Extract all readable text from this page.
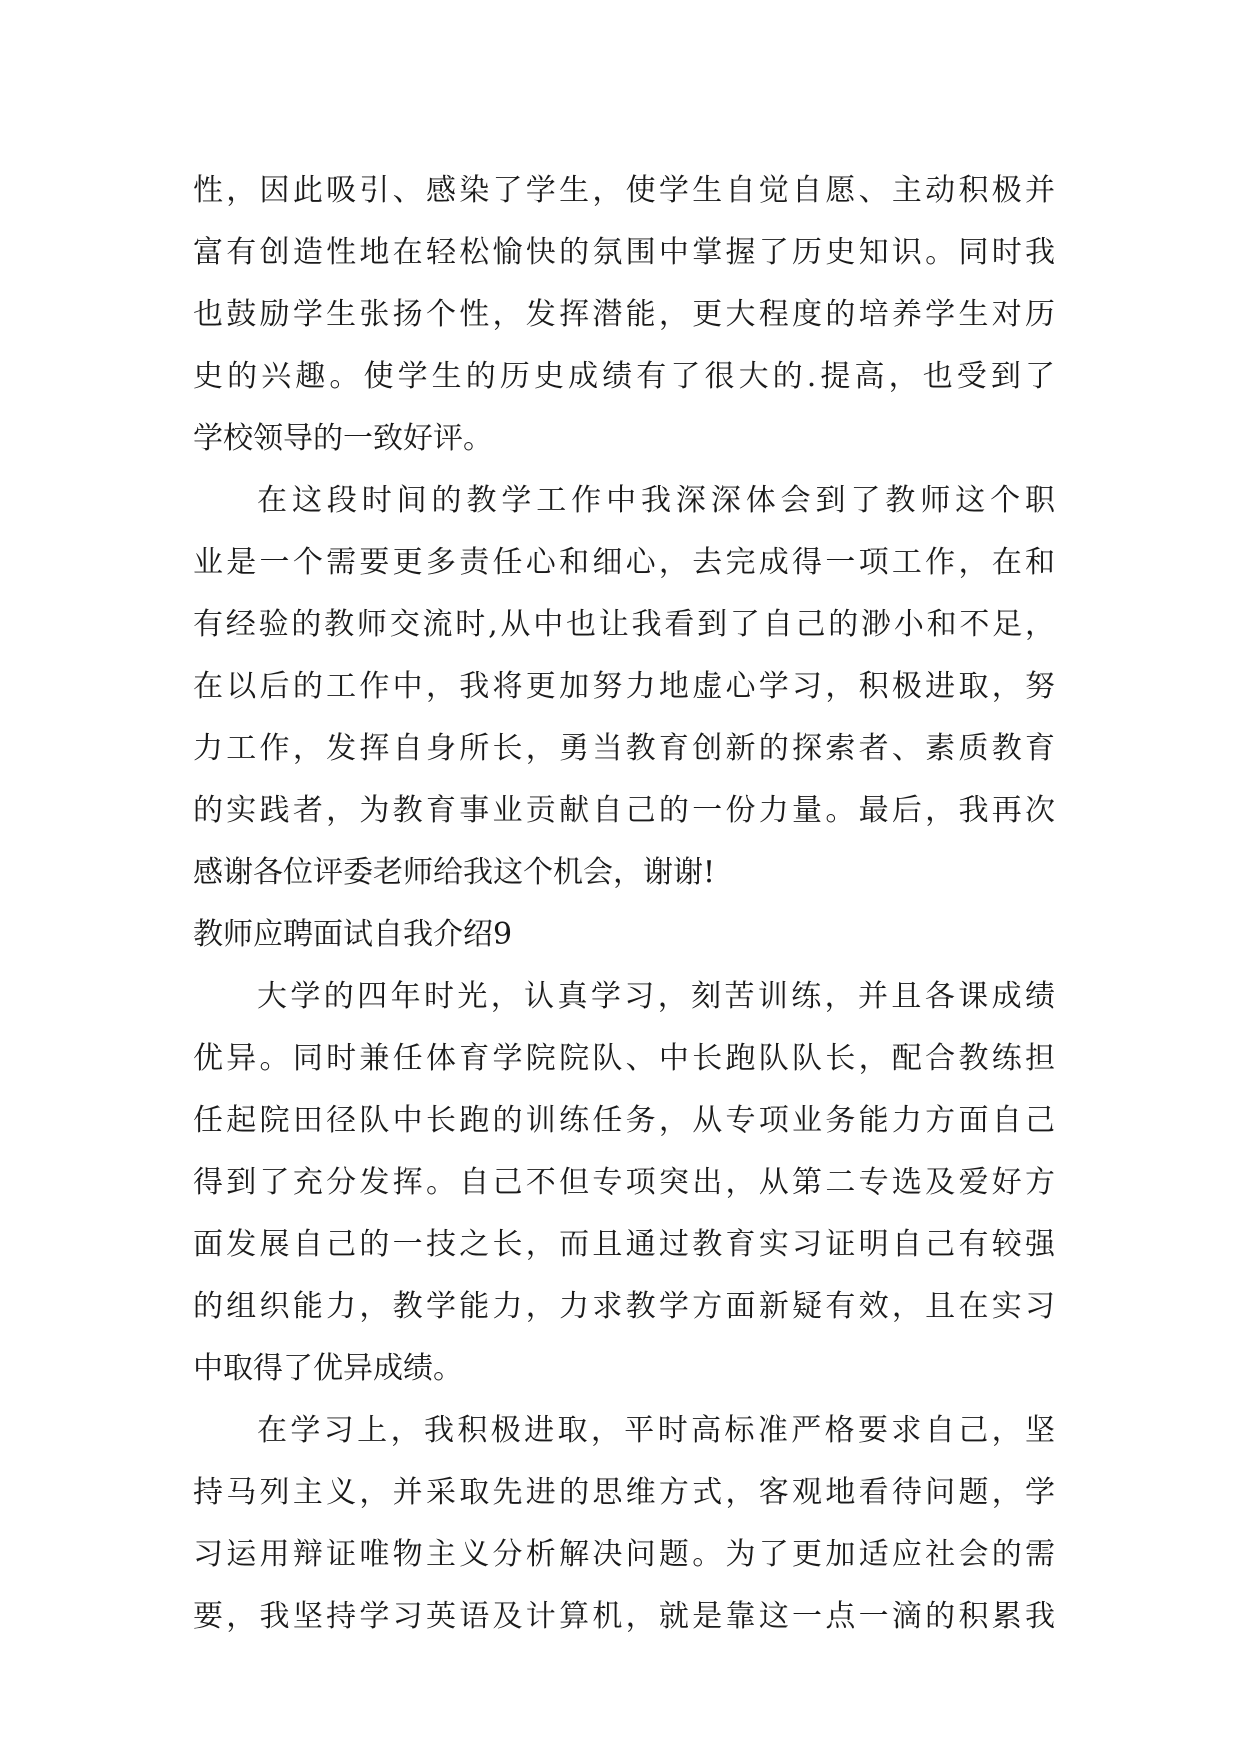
性，因此吸引、感染了学生，使学生自觉自愿、主动积极并
富有创造性地在轻松愉快的氛围中掌握了历史知识。同时我
也鼓励学生张扬个性，发挥潜能，更大程度的培养学生对历
史的兴趣。使学生的历史成绩有了很大的.提高，也受到了
学校领导的一致好评。
在这段时间的教学工作中我深深体会到了教师这个职
业是一个需要更多责任心和细心，去完成得一项工作，在和
有经验的教师交流时,从中也让我看到了自己的渺小和不足，
在以后的工作中，我将更加努力地虚心学习，积极进取，努
力工作，发挥自身所长，勇当教育创新的探索者、素质教育
的实践者，为教育事业贡献自己的一份力量。最后，我再次
感谢各位评委老师给我这个机会，谢谢!
教师应聘面试自我介绍9
大学的四年时光，认真学习，刻苦训练，并且各课成绩
优异。同时兼任体育学院院队、中长跑队队长，配合教练担
任起院田径队中长跑的训练任务，从专项业务能力方面自己
得到了充分发挥。自己不但专项突出，从第二专选及爱好方
面发展自己的一技之长，而且通过教育实习证明自己有较强
的组织能力，教学能力，力求教学方面新疑有效，且在实习
中取得了优异成绩。
在学习上，我积极进取，平时高标准严格要求自己，坚
持马列主义，并采取先进的思维方式，客观地看待问题，学
习运用辩证唯物主义分析解决问题。为了更加适应社会的需
要，我坚持学习英语及计算机，就是靠这一点一滴的积累我
